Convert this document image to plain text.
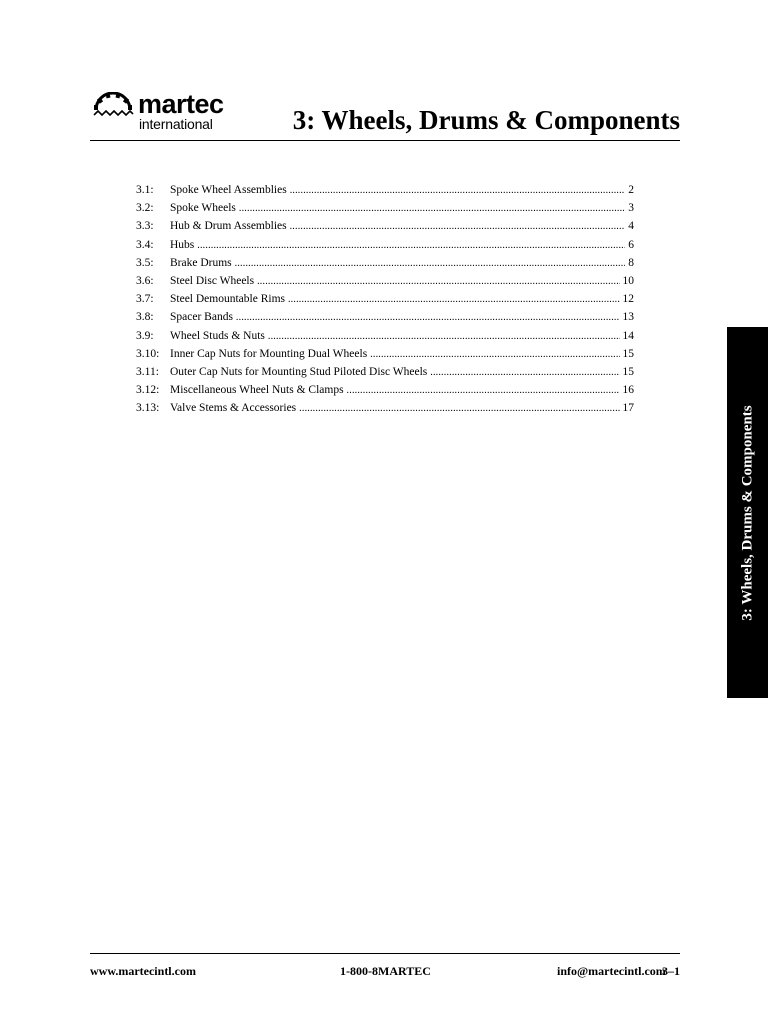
martec
international	3: Wheels, Drums & Components
3.1:	Spoke Wheel Assemblies .....	2
3.2:	Spoke Wheels .....	3
3.3:	Hub & Drum Assemblies .....	4
3.4:	Hubs .....	6
3.5:	Brake Drums .....	8
3.6:	Steel Disc Wheels .....	10
3.7:	Steel Demountable Rims .....	12
3.8:	Spacer Bands .....	13
3.9:	Wheel Studs & Nuts .....	14
3.10: Inner Cap Nuts for Mounting Dual Wheels .....	15
3.11: Outer Cap Nuts for Mounting Stud Piloted Disc Wheels .....	15
3.12: Miscellaneous Wheel Nuts & Clamps .....	16
3.13: Valve Stems & Accessories .....	17	3: Wheels, Drums & Components
www.martecintl.com	1-800-8MARTEC	info@martecintl.com
3–1
